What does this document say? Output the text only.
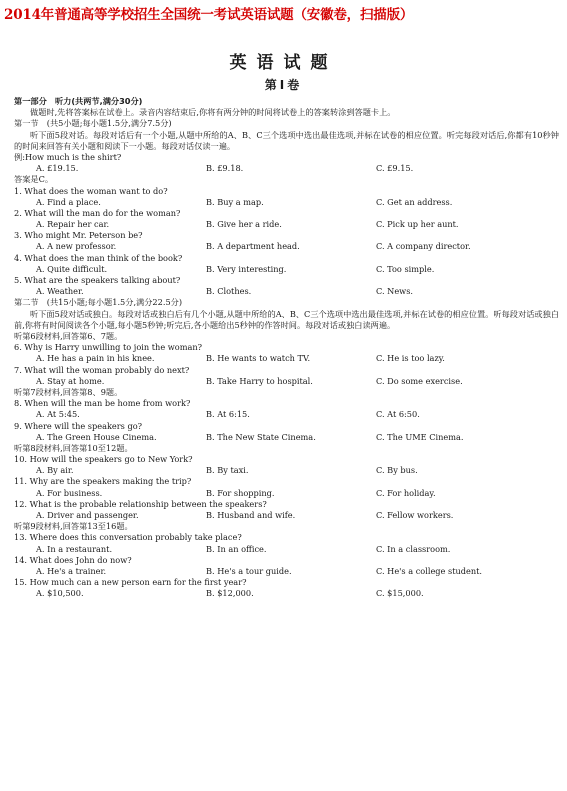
2014年普通高等学校招生全国统一考试英语试题（安徽卷，扫描版）
英语试题
第Ⅰ卷
第一部分　听力(共两节,满分30分)
做题时,先将答案标在试卷上。录音内容结束后,你将有两分钟的时间将试卷上的答案转涂到答题卡上。
第一节　(共5小题;每小题1.5分,满分7.5分)
听下面5段对话。每段对话后有一个小题,从题中所给的A、B、C三个选项中选出最佳选项,并标在试卷的相应位置。听完每段对话后,你都有10秒钟的时间来回答有关小题和阅读下一小题。每段对话仅读一遍。
例:How much is the shirt?
A. £19.15.	B. £9.18.	C. £9.15.
答案是C。
1. What does the woman want to do?
A. Find a place.	B. Buy a map.	C. Get an address.
2. What will the man do for the woman?
A. Repair her car.	B. Give her a ride.	C. Pick up her aunt.
3. Who might Mr. Peterson be?
A. A new professor.	B. A department head.	C. A company director.
4. What does the man think of the book?
A. Quite difficult.	B. Very interesting.	C. Too simple.
5. What are the speakers talking about?
A. Weather.	B. Clothes.	C. News.
第二节　(共15小题;每小题1.5分,满分22.5分)
听下面5段对话或独白。每段对话或独白后有几个小题,从题中所给的A、B、C三个选项中选出最佳选项,并标在试卷的相应位置。听每段对话或独白前,你将有时间阅读各个小题,每小题5秒钟;听完后,各小题给出5秒钟的作答时间。每段对话或独白读两遍。
听第6段材料,回答第6、7题。
6. Why is Harry unwilling to join the woman?
A. He has a pain in his knee.	B. He wants to watch TV.	C. He is too lazy.
7. What will the woman probably do next?
A. Stay at home.	B. Take Harry to hospital.	C. Do some exercise.
听第7段材料,回答第8、9题。
8. When will the man be home from work?
A. At 5:45.	B. At 6:15.	C. At 6:50.
9. Where will the speakers go?
A. The Green House Cinema.	B. The New State Cinema.	C. The UME Cinema.
听第8段材料,回答第10至12题。
10. How will the speakers go to New York?
A. By air.	B. By taxi.	C. By bus.
11. Why are the speakers making the trip?
A. For business.	B. For shopping.	C. For holiday.
12. What is the probable relationship between the speakers?
A. Driver and passenger.	B. Husband and wife.	C. Fellow workers.
听第9段材料,回答第13至16题。
13. Where does this conversation probably take place?
A. In a restaurant.	B. In an office.	C. In a classroom.
14. What does John do now?
A. He's a trainer.	B. He's a tour guide.	C. He's a college student.
15. How much can a new person earn for the first year?
A. $10,500.	B. $12,000.	C. $15,000.
